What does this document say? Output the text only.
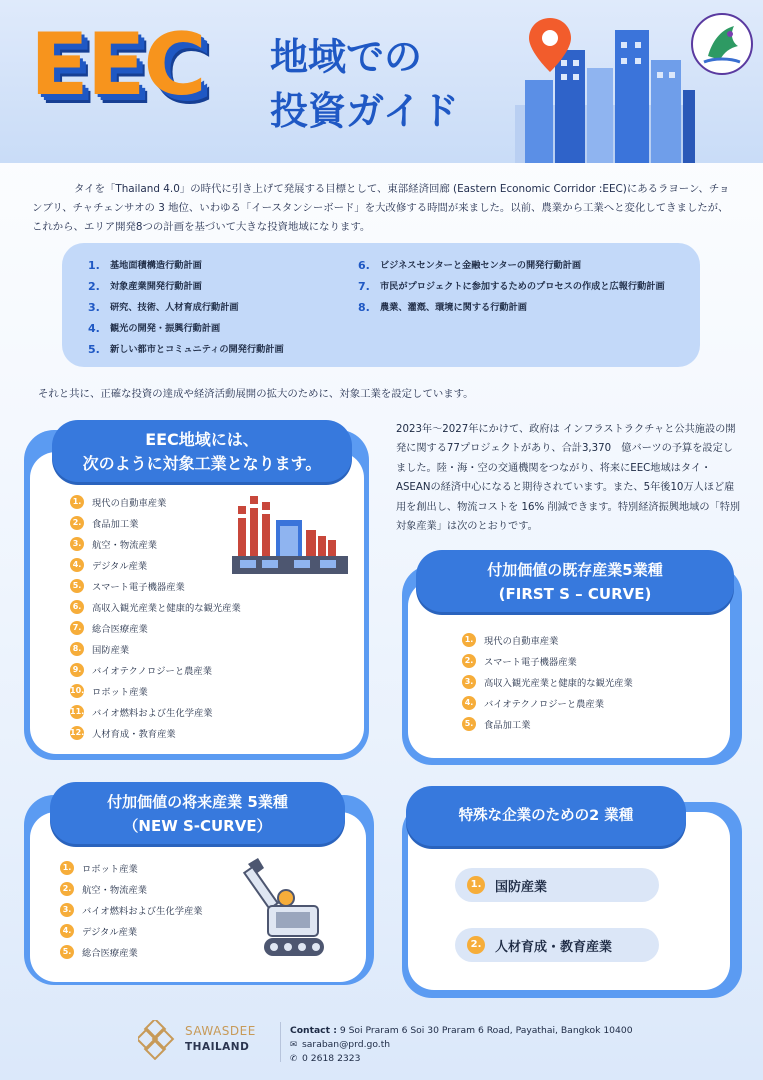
EEC 地域での
投資ガイド

タイを「Thailand 4.0」の時代に引き上げて発展する目標として、東部経済回廊 (Eastern Economic Corridor :EEC)にあるラヨーン、チョンブリ、チャチェンサオの 3 地位、いわゆる「イースタンシーボード」を大改修する時間が来ました。以前、農業から工業へと変化してきましたが、これから、エリア開発8つの計画を基づいて大きな投資地域になります。

1.	基地面積構造行動計画
2.	対象産業開発行動計画
3.	研究、技術、人材育成行動計画
4.	観光の開発・振興行動計画
5.	新しい都市とコミュニティの開発行動計画
6.	ビジネスセンターと金融センターの開発行動計画
7.	市民がプロジェクトに参加するためのプロセスの作成と広報行動計画
8.	農業、灌漑、環境に関する行動計画

それと共に、正確な投資の達成や経済活動展開の拡大のために、対象工業を設定しています。

EEC地域には、
次のように対象工業となります。
1. 現代の自動車産業
2. 食品加工業
3. 航空・物流産業
4. デジタル産業
5. スマート電子機器産業
6. 高収入観光産業と健康的な観光産業
7. 総合医療産業
8. 国防産業
9. バイオテクノロジーと農産業
10. ロボット産業
11. バイオ燃料および生化学産業
12. 人材育成・教育産業

2023年〜2027年にかけて、政府は インフラストラクチャと公共施設の開発に関する77プロジェクトがあり、合計3,370　億バーツの予算を設定しました。陸・海・空の交通機関をつながり、将来にEEC地域はタイ・ASEANの経済中心になると期待されています。また、5年後10万人ほど雇用を創出し、物流コストを 16% 削減できます。特別経済振興地域の「特別対象産業」は次のとおりです。

付加価値の既存産業5業種
(FIRST S – CURVE)
1. 現代の自動車産業
2. スマート電子機器産業
3. 高収入観光産業と健康的な観光産業
4. バイオテクノロジーと農産業
5. 食品加工業
付加価値の将来産業 5業種
（NEW S-CURVE）
1. ロボット産業
2. 航空・物流産業
3. バイオ燃料および生化学産業
4. デジタル産業
5. 総合医療産業
特殊な企業のための2 業種
1. 国防産業
2. 人材育成・教育産業
SAWASDEE
THAILAND
Contact : 9 Soi Praram 6 Soi 30 Praram 6 Road, Payathai, Bangkok 10400
✉ saraban@prd.go.th
✆ 0 2618 2323
